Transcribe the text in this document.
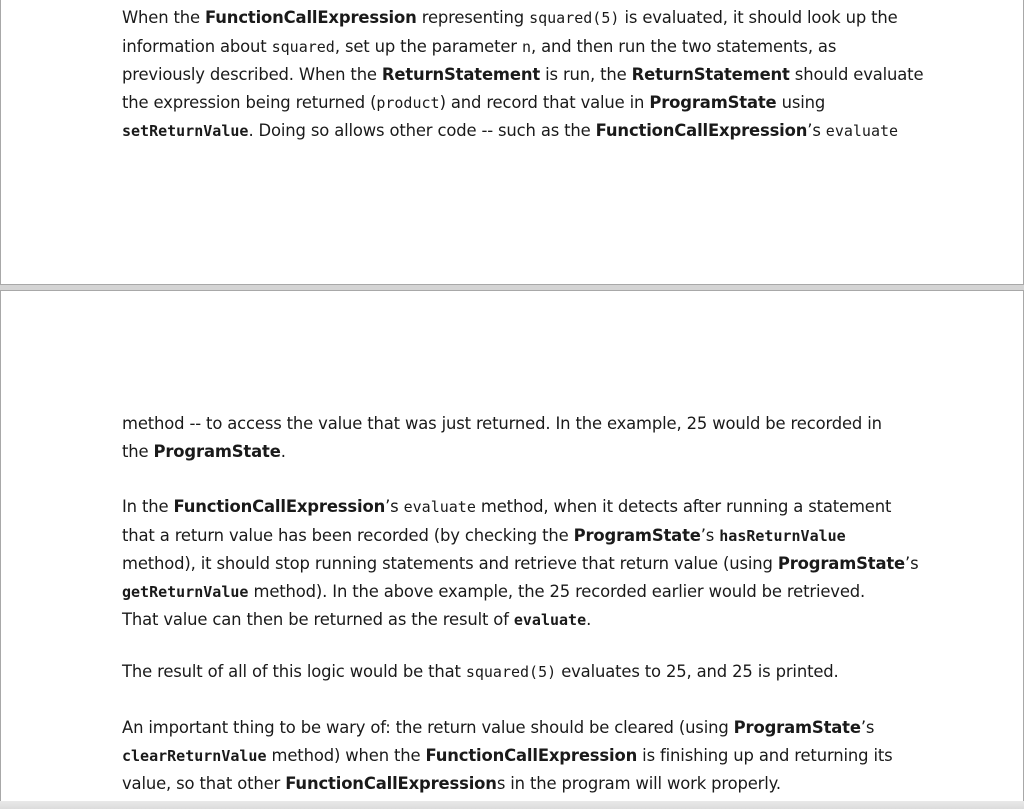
When the FunctionCallExpression representing squared(5) is evaluated, it should look up the
information about squared, set up the parameter n, and then run the two statements, as
previously described. When the ReturnStatement is run, the ReturnStatement should evaluate
the expression being returned (product) and record that value in ProgramState using
setReturnValue. Doing so allows other code -- such as the FunctionCallExpression’s evaluate

method -- to access the value that was just returned. In the example, 25 would be recorded in
the ProgramState.

In the FunctionCallExpression’s evaluate method, when it detects after running a statement
that a return value has been recorded (by checking the ProgramState’s hasReturnValue
method), it should stop running statements and retrieve that return value (using ProgramState’s
getReturnValue method). In the above example, the 25 recorded earlier would be retrieved.
That value can then be returned as the result of evaluate.

The result of all of this logic would be that squared(5) evaluates to 25, and 25 is printed.

An important thing to be wary of: the return value should be cleared (using ProgramState’s
clearReturnValue method) when the FunctionCallExpression is finishing up and returning its
value, so that other FunctionCallExpressions in the program will work properly.
